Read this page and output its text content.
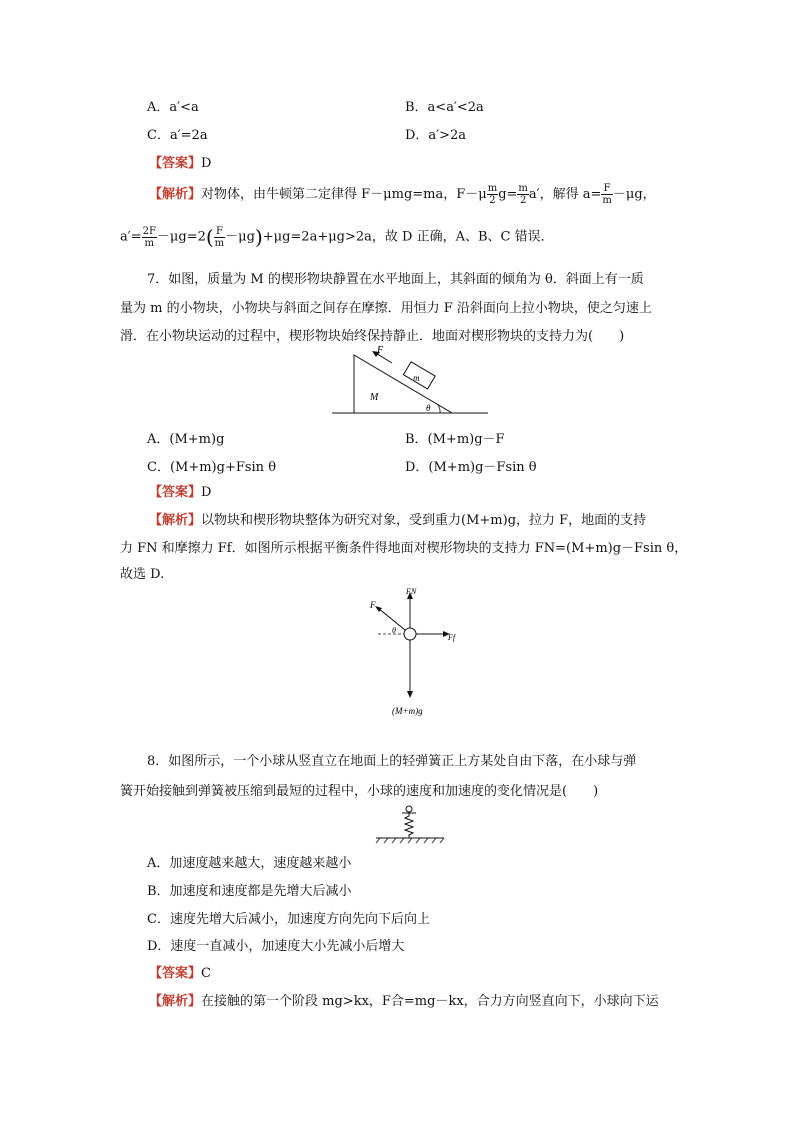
A．a′<a	B．a<a′<2a
C．a′=2a	D．a′>2a
【答案】D
【解析】对物体，由牛顿第二定律得 F－μmg=ma，$F-\mu \frac{m}{2} g= \frac{m}{2} a'$，解得 $a= \frac{F}{m} -\mu g$，
$a'= \frac{2F}{m} -\mu g=2( \frac{F}{m} -\mu g)+\mu g=2a+\mu g>2a$，故 D 正确，A、B、C 错误．
7．如图，质量为 M 的楔形物块静置在水平地面上，其斜面的倾角为 θ．斜面上有一质
量为 m 的小物块，小物块与斜面之间存在摩擦．用恒力 F 沿斜面向上拉小物块，使之匀速上
滑．在小物块运动的过程中，楔形物块始终保持静止．地面对楔形物块的支持力为(　　)
F
m
M
θ
A．(M+m)g	B．(M+m)g－F
C．(M+m)g+Fsin θ	D．(M+m)g－Fsin θ
【答案】D
【解析】以物块和楔形物块整体为研究对象，受到重力(M+m)g，拉力 F，地面的支持
力 FN 和摩擦力 Ff．如图所示根据平衡条件得地面对楔形物块的支持力 FN=(M+m)g－Fsin θ，
故选 D.
F
FN
Ff
θ
(M+m)g
8．如图所示，一个小球从竖直立在地面上的轻弹簧正上方某处自由下落，在小球与弹
簧开始接触到弹簧被压缩到最短的过程中，小球的速度和加速度的变化情况是(　　)
A．加速度越来越大，速度越来越小
B．加速度和速度都是先增大后减小
C．速度先增大后减小，加速度方向先向下后向上
D．速度一直减小，加速度大小先减小后增大
【答案】C
【解析】在接触的第一个阶段 mg>kx，F合=mg－kx，合力方向竖直向下，小球向下运
